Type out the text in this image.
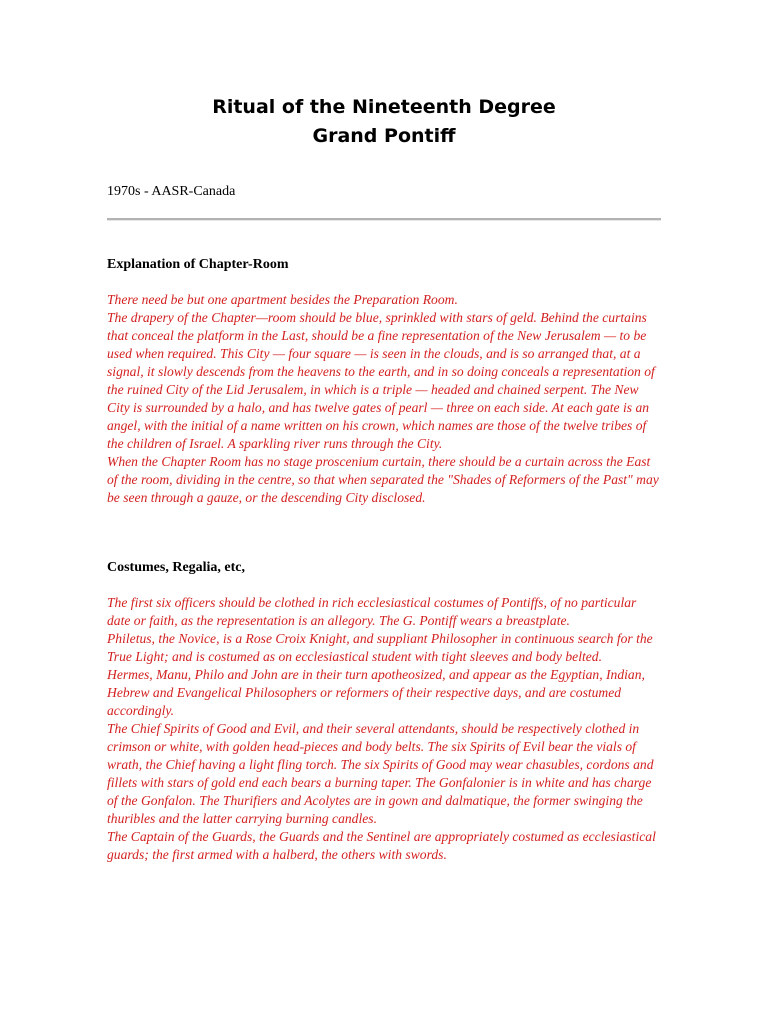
Ritual of the Nineteenth Degree
Grand Pontiff
1970s - AASR-Canada
Explanation of Chapter-Room

There need be but one apartment besides the Preparation Room.

The drapery of the Chapter—room should be blue, sprinkled with stars of geld. Behind the curtains that conceal the platform in the Last, should be a fine representation of the New Jerusalem — to be used when required. This City — four square — is seen in the clouds, and is so arranged that, at a signal, it slowly descends from the heavens to the earth, and in so doing conceals a representation of the ruined City of the Lid Jerusalem, in which is a triple — headed and chained serpent. The New City is surrounded by a halo, and has twelve gates of pearl — three on each side. At each gate is an angel, with the initial of a name written on his crown, which names are those of the twelve tribes of the children of Israel. A sparkling river runs through the City.

When the Chapter Room has no stage proscenium curtain, there should be a curtain across the East of the room, dividing in the centre, so that when separated the "Shades of Reformers of the Past" may be seen through a gauze, or the descending City disclosed.

Costumes, Regalia, etc,

The first six officers should be clothed in rich ecclesiastical costumes of Pontiffs, of no particular date or faith, as the representation is an allegory. The G. Pontiff wears a breastplate.

Philetus, the Novice, is a Rose Croix Knight, and suppliant Philosopher in continuous search for the True Light; and is costumed as on ecclesiastical student with tight sleeves and body belted.

Hermes, Manu, Philo and John are in their turn apotheosized, and appear as the Egyptian, Indian, Hebrew and Evangelical Philosophers or reformers of their respective days, and are costumed accordingly.

The Chief Spirits of Good and Evil, and their several attendants, should be respectively clothed in crimson or white, with golden head-pieces and body belts. The six Spirits of Evil bear the vials of wrath, the Chief having a light fling torch. The six Spirits of Good may wear chasubles, cordons and fillets with stars of gold end each bears a burning taper. The Gonfalonier is in white and has charge of the Gonfalon. The Thurifiers and Acolytes are in gown and dalmatique, the former swinging the thuribles and the latter carrying burning candles.

The Captain of the Guards, the Guards and the Sentinel are appropriately costumed as ecclesiastical guards; the first armed with a halberd, the others with swords.
